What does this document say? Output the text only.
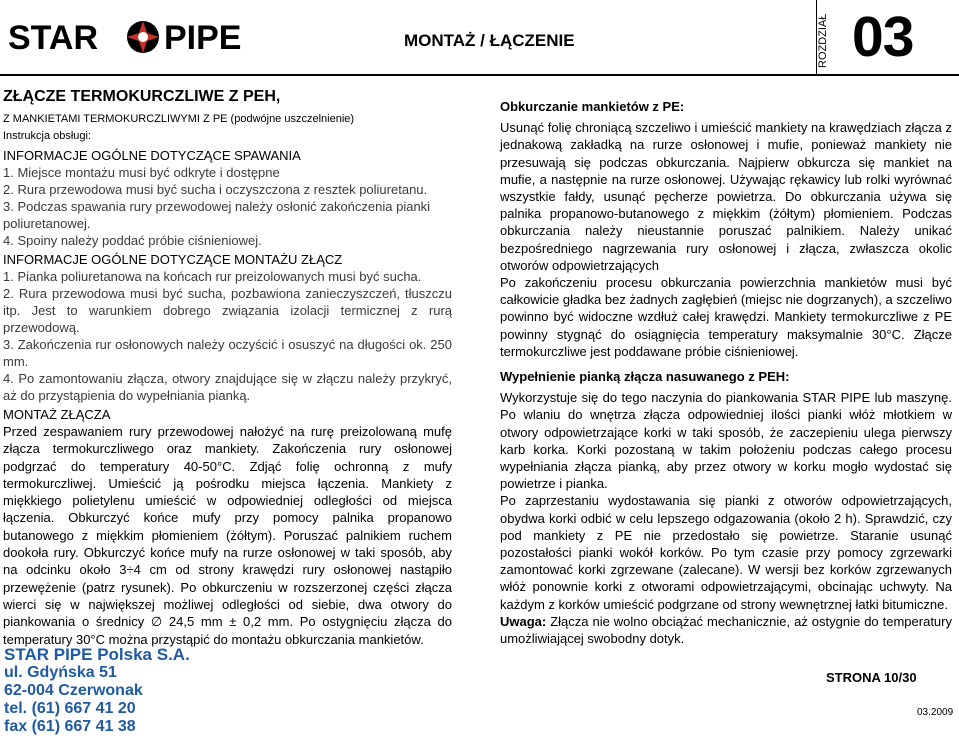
STAR PIPE	MONTAŻ / ŁĄCZENIE	ROZDZIAŁ 03

ZŁĄCZE TERMOKURCZLIWE Z PEH,

Z MANKIETAMI TERMOKURCZLIWYMI Z PE (podwójne uszczelnienie)

Instrukcja obsługi:

INFORMACJE OGÓLNE DOTYCZĄCE SPAWANIA

1. Miejsce montażu musi być odkryte i dostępne

2. Rura przewodowa musi być sucha i oczyszczona z resztek poliuretanu.

3. Podczas spawania rury przewodowej należy osłonić zakończenia pianki poliuretanowej.

4. Spoiny należy poddać próbie ciśnieniowej.

INFORMACJE OGÓLNE DOTYCZĄCE MONTAŻU ZŁĄCZ

1. Pianka poliuretanowa na końcach rur preizolowanych musi być sucha.

2. Rura przewodowa musi być sucha, pozbawiona zanieczyszczeń, tłuszczu itp. Jest to warunkiem dobrego związania izolacji termicznej z rurą przewodową.

3. Zakończenia rur osłonowych należy oczyścić i osuszyć na długości ok. 250 mm.

4. Po zamontowaniu złącza, otwory znajdujące się w złączu należy przykryć, aż do przystąpienia do wypełniania pianką.

MONTAŻ ZŁĄCZA

Przed zespawaniem rury przewodowej nałożyć na rurę preizolowaną mufę złącza termokurczliwego oraz mankiety. Zakończenia rury osłonowej podgrzać do temperatury 40-50°C. Zdjąć folię ochronną z mufy termokurczliwej. Umieścić ją pośrodku miejsca łączenia. Mankiety z miękkiego polietylenu umieścić w odpowiedniej odległości od miejsca łączenia. Obkurczyć końce mufy przy pomocy palnika propanowo butanowego z miękkim płomieniem (żółtym). Poruszać palnikiem ruchem dookoła rury. Obkurczyć końce mufy na rurze osłonowej w taki sposób, aby na odcinku około 3÷4 cm od strony krawędzi rury osłonowej nastąpiło przewężenie (patrz rysunek). Po obkurczeniu w rozszerzonej części złącza wierci się w największej możliwej odległości od siebie, dwa otwory do piankowania o średnicy ∅ 24,5 mm ± 0,2 mm. Po ostygnięciu złącza do temperatury 30°C można przystąpić do montażu obkurczania mankietów.

Obkurczanie mankietów z PE:

Usunąć folię chroniącą szczeliwo i umieścić mankiety na krawędziach złącza z jednakową zakładką na rurze osłonowej i mufie, ponieważ mankiety nie przesuwają się podczas obkurczania. Najpierw obkurcza się mankiet na mufie, a następnie na rurze osłonowej. Używając rękawicy lub rolki wyrównać wszystkie fałdy, usunąć pęcherze powietrza. Do obkurczania używa się palnika propanowo-butanowego z miękkim (żółtym) płomieniem. Podczas obkurczania należy nieustannie poruszać palnikiem. Należy unikać bezpośredniego nagrzewania rury osłonowej i złącza, zwłaszcza okolic otworów odpowietrzających

Po zakończeniu procesu obkurczania powierzchnia mankietów musi być całkowicie gładka bez żadnych zagłębień (miejsc nie dogrzanych), a szczeliwo powinno być widoczne wzdłuż całej krawędzi. Mankiety termokurczliwe z PE powinny stygnąć do osiągnięcia temperatury maksymalnie 30°C. Złącze termokurczliwe jest poddawane próbie ciśnieniowej.

Wypełnienie pianką złącza nasuwanego z PEH:

Wykorzystuje się do tego naczynia do piankowania STAR PIPE lub maszynę. Po wlaniu do wnętrza złącza odpowiedniej ilości pianki włóż młotkiem w otwory odpowietrzające korki w taki sposób, że zaczepieniu ulega pierwszy karb korka. Korki pozostaną w takim położeniu podczas całego procesu wypełniania złącza pianką, aby przez otwory w korku mogło wydostać się powietrze i pianka.

Po zaprzestaniu wydostawania się pianki z otworów odpowietrzających, obydwa korki odbić w celu lepszego odgazowania (około 2 h). Sprawdzić, czy pod mankiety z PE nie przedostało się powietrze. Staranie usunąć pozostałości pianki wokół korków. Po tym czasie przy pomocy zgrzewarki zamontować korki zgrzewane (zalecane). W wersji bez korków zgrzewanych włóż ponownie korki z otworami odpowietrzającymi, obcinając uchwyty. Na każdym z korków umieścić podgrzane od strony wewnętrznej łatki bitumiczne.

Uwaga: Złącza nie wolno obciążać mechanicznie, aż ostygnie do temperatury umożliwiającej swobodny dotyk.

STAR PIPE Polska S.A.
ul. Gdyńska 51
62-004 Czerwonak
tel. (61) 667 41 20
fax (61) 667 41 38
STRONA 10/30
03.2009
